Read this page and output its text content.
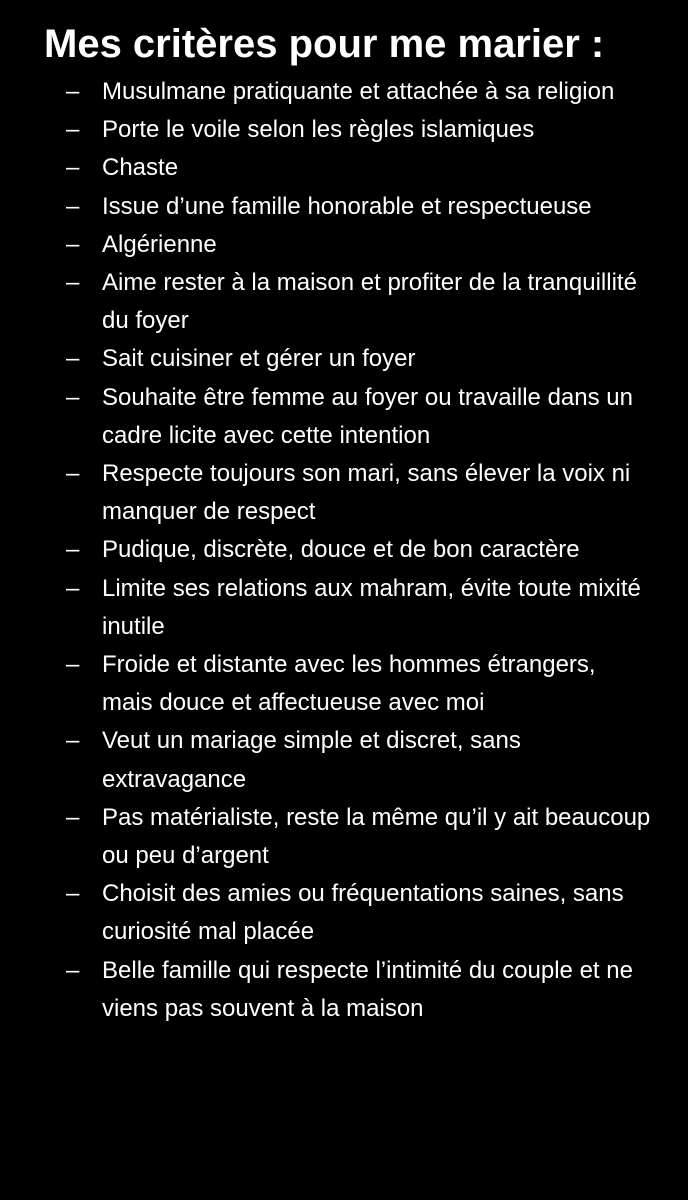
Mes critères pour me marier :
– Musulmane pratiquante et attachée à sa religion
– Porte le voile selon les règles islamiques
– Chaste
– Issue d’une famille honorable et respectueuse
– Algérienne
– Aime rester à la maison et profiter de la tranquillité du foyer
– Sait cuisiner et gérer un foyer
– Souhaite être femme au foyer ou travaille dans un cadre licite avec cette intention
– Respecte toujours son mari, sans élever la voix ni manquer de respect
– Pudique, discrète, douce et de bon caractère
– Limite ses relations aux mahram, évite toute mixité inutile
– Froide et distante avec les hommes étrangers, mais douce et affectueuse avec moi
– Veut un mariage simple et discret, sans extravagance
– Pas matérialiste, reste la même qu’il y ait beaucoup ou peu d’argent
– Choisit des amies ou fréquentations saines, sans curiosité mal placée
– Belle famille qui respecte l’intimité du couple et ne viens pas souvent à la maison
